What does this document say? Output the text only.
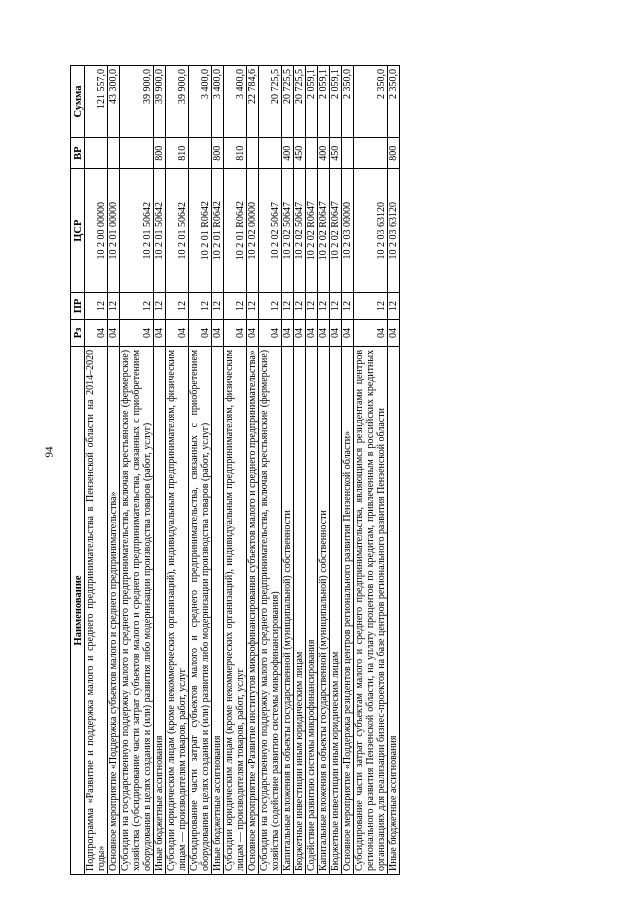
94
Наименование	Рз	ПР	ЦСР	ВР	Сумма
Подпрограмма «Развитие и поддержка малого и среднего предпринимательства в Пензенской области на 2014–2020 годы»	04	12	10 2 00 00000		121 557,0
Основное мероприятие «Поддержка субъектов малого и среднего предпринимательства»	04	12	10 2 01 00000		43 300,0
Субсидии на государственную поддержку малого и среднего предпринимательства, включая крестьянские (фермерские) хозяйства (субсидирование части затрат субъектов малого и среднего предпринимательства, связанных с приобретением оборудования в целях создания и (или) развития либо модернизации производства товаров (работ, услуг)	04	12	10 2 01 50642		39 900,0
Иные бюджетные ассигнования	04	12	10 2 01 50642	800	39 900,0
Субсидии юридическим лицам (кроме некоммерческих организаций), индивидуальным предпринимателям, физическим лицам — производителям товаров, работ, услуг	04	12	10 2 01 50642	810	39 900,0
Субсидирование части затрат субъектов малого и среднего предпринимательства, связанных с приобретением оборудования в целях создания и (или) развития либо модернизации производства товаров (работ, услуг)	04	12	10 2 01 R0642		3 400,0
Иные бюджетные ассигнования	04	12	10 2 01 R0642	800	3 400,0
Субсидии юридическим лицам (кроме некоммерческих организаций), индивидуальным предпринимателям, физическим лицам — производителям товаров, работ, услуг	04	12	10 2 01 R0642	810	3 400,0
Основное мероприятие «Развитие институтов микрофинансирования субъектов малого и среднего предпринимательства»	04	12	10 2 02 00000		22 784,6
Субсидии на государственную поддержку малого и среднего предпринимательства, включая крестьянские (фермерские) хозяйства (содействие развитию системы микрофинансирования)	04	12	10 2 02 50647		20 725,5
Капитальные вложения в объекты государственной (муниципальной) собственности	04	12	10 2 02 50647	400	20 725,5
Бюджетные инвестиции иным юридическим лицам	04	12	10 2 02 50647	450	20 725,5
Содействие развитию системы микрофинансирования	04	12	10 2 02 R0647		2 059,1
Капитальные вложения в объекты государственной (муниципальной) собственности	04	12	10 2 02 R0647	400	2 059,1
Бюджетные инвестиции иным юридическим лицам	04	12	10 2 02 R0647	450	2 059,1
Основное мероприятие «Поддержка резидентов центров регионального развития Пензенской области»	04	12	10 2 03 00000		2 350,0
Субсидирование части затрат субъектам малого и среднего предпринимательства, являющимся резидентами центров регионального развития Пензенской области, на уплату процентов по кредитам, привлеченным в российских кредитных организациях для реализации бизнес-проектов на базе центров регионального развития Пензенской области	04	12	10 2 03 63120		2 350,0
Иные бюджетные ассигнования	04	12	10 2 03 63120	800	2 350,0
